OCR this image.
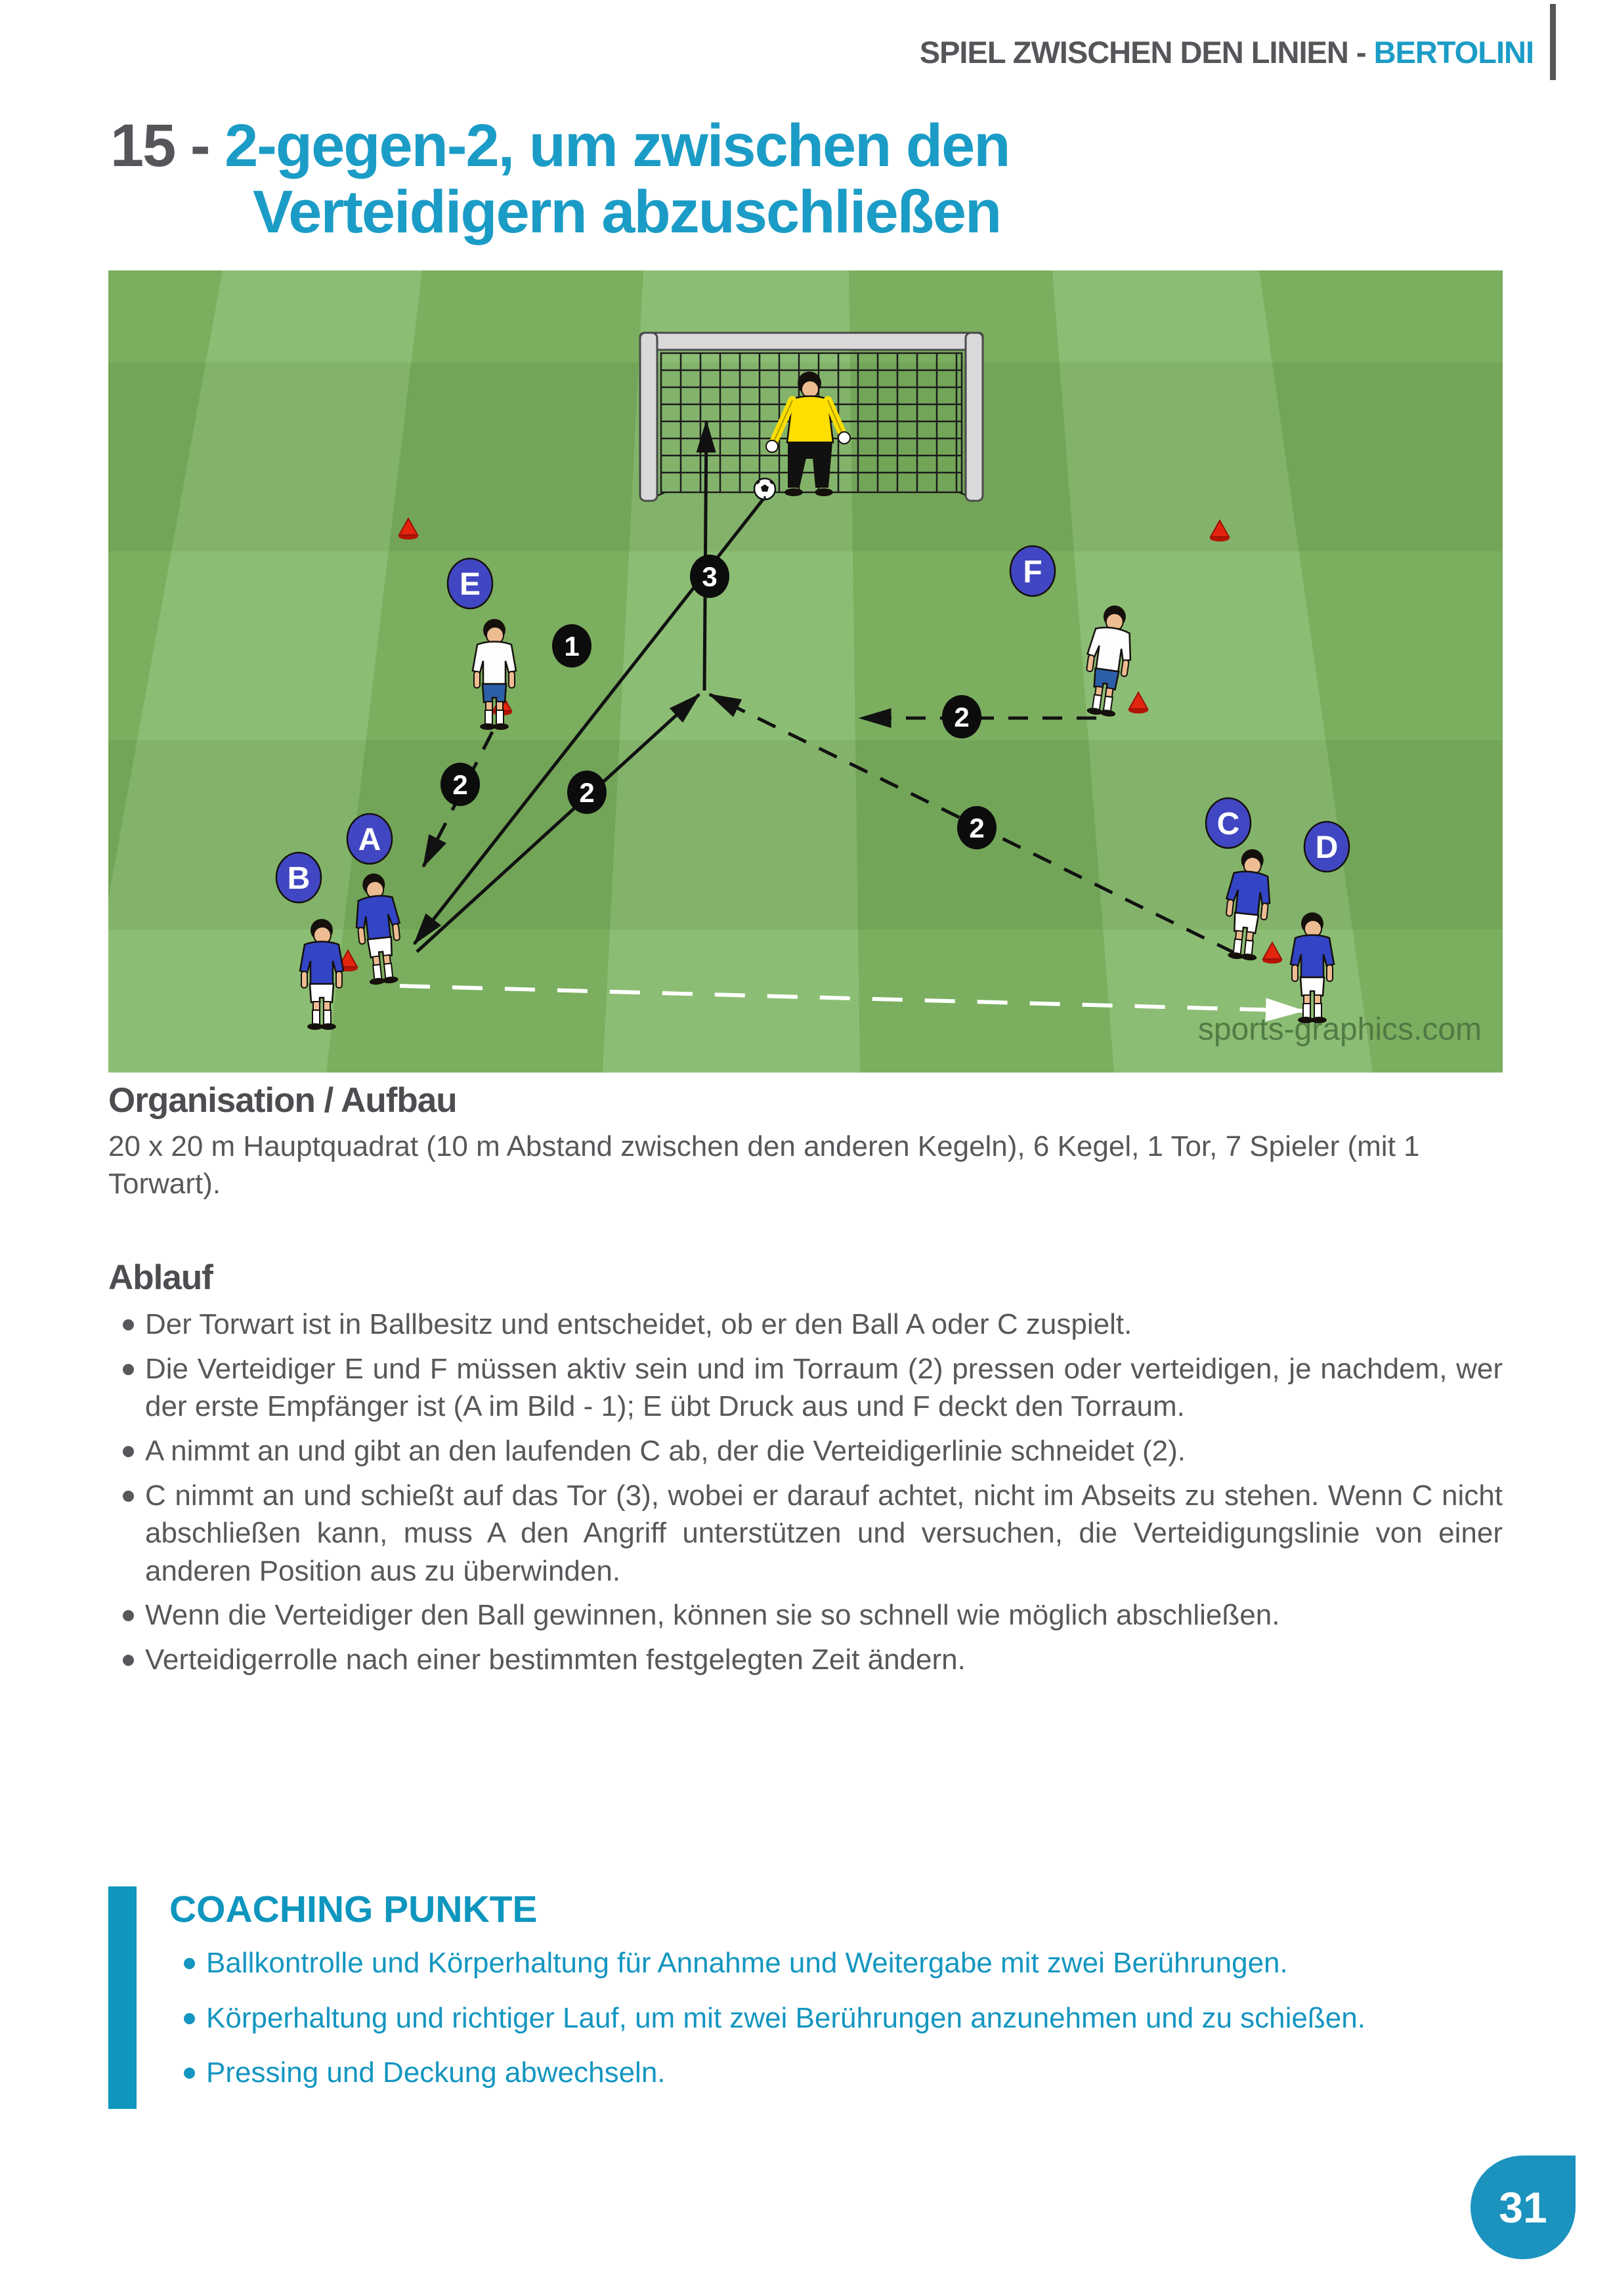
SPIEL ZWISCHEN DEN LINIEN - BERTOLINI
15 - 2-gegen-2, um zwischen den
Verteidigern abzuschließen
1
2	2
2
2
3
A
B
C
D
E	F
sports-graphics.com
Organisation / Aufbau

20 x 20 m Hauptquadrat (10 m Abstand zwischen den anderen Kegeln), 6 Kegel, 1 Tor, 7 Spieler (mit 1 Torwart).

Ablauf
Der Torwart ist in Ballbesitz und entscheidet, ob er den Ball A oder C zuspielt.
Die Verteidiger E und F müssen aktiv sein und im Torraum (2) pressen oder verteidigen, je nachdem, wer der erste Empfänger ist (A im Bild - 1); E übt Druck aus und F deckt den Torraum.
A nimmt an und gibt an den laufenden C ab, der die Verteidigerlinie schneidet (2).
C nimmt an und schießt auf das Tor (3), wobei er darauf achtet, nicht im Abseits zu stehen. Wenn C nicht abschließen kann, muss A den Angriff unterstützen und versuchen, die Verteidigungslinie von einer anderen Position aus zu überwinden.
Wenn die Verteidiger den Ball gewinnen, können sie so schnell wie möglich abschließen.
Verteidigerrolle nach einer bestimmten festgelegten Zeit ändern.
COACHING PUNKTE
Ballkontrolle und Körperhaltung für Annahme und Weitergabe mit zwei Berührungen.
Körperhaltung und richtiger Lauf, um mit zwei Berührungen anzunehmen und zu schießen.
Pressing und Deckung abwechseln.
31
